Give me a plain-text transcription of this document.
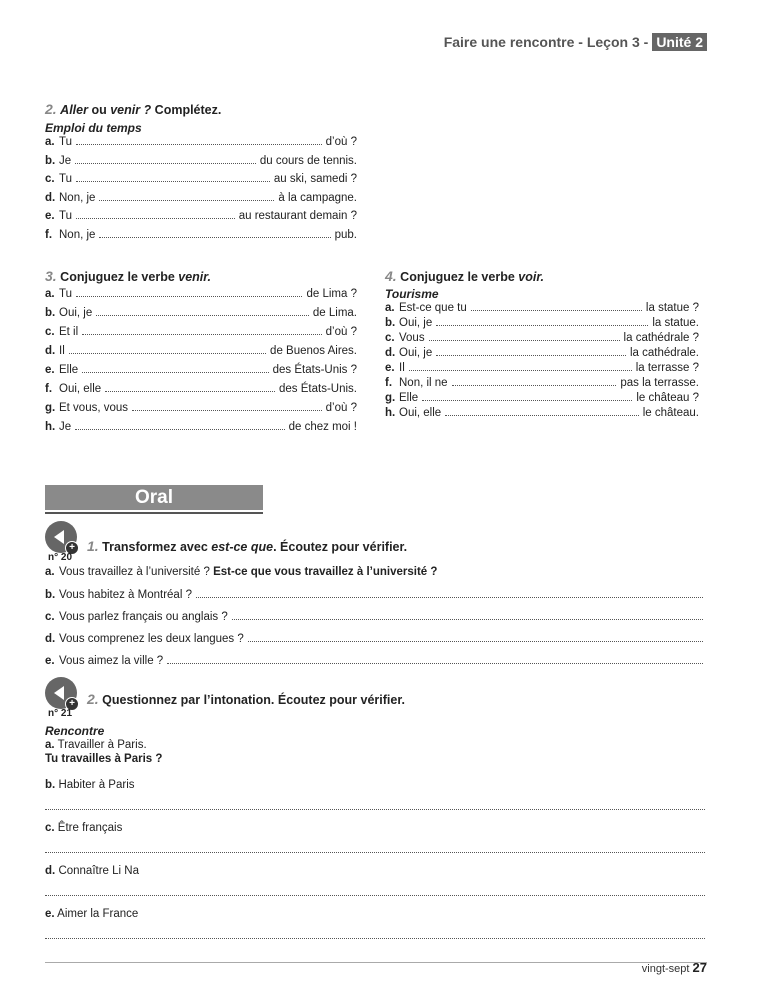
Faire une rencontre - Leçon 3 - Unité 2
2. Aller ou venir ? Complétez.
Emploi du temps
a. Tu	d’où ?
b. Je	du cours de tennis.
c. Tu	au ski, samedi ?
d. Non, je	à la campagne.
e. Tu	au restaurant demain ?
f. Non, je	pub.
3. Conjuguez le verbe venir.
a. Tu	de Lima ?
b. Oui, je	de Lima.
c. Et il	d’où ?
d. Il	de Buenos Aires.
e. Elle	des États-Unis ?
f. Oui, elle	des États-Unis.
g. Et vous, vous	d’où ?
h. Je	de chez moi !
4. Conjuguez le verbe voir.
Tourisme
a. Est-ce que tu	la statue ?
b. Oui, je	la statue.
c. Vous	la cathédrale ?
d. Oui, je	la cathédrale.
e. Il	la terrasse ?
f. Non, il ne	pas la terrasse.
g. Elle	le château ?
h. Oui, elle	le château.
Oral
+
n° 20
1. Transformez avec est-ce que. Écoutez pour vérifier.
a. Vous travaillez à l’université ?
Est-ce que vous travaillez à l’université ?
b. Vous habitez à Montréal ?
c. Vous parlez français ou anglais ?
d. Vous comprenez les deux langues ?
e. Vous aimez la ville ?
+
n° 21
2. Questionnez par l’intonation. Écoutez pour vérifier.
Rencontre
a. Travailler à Paris.
Tu travailles à Paris ?
b. Habiter à Paris
c. Être français
d. Connaître Li Na
e. Aimer la France
vingt-sept 27
